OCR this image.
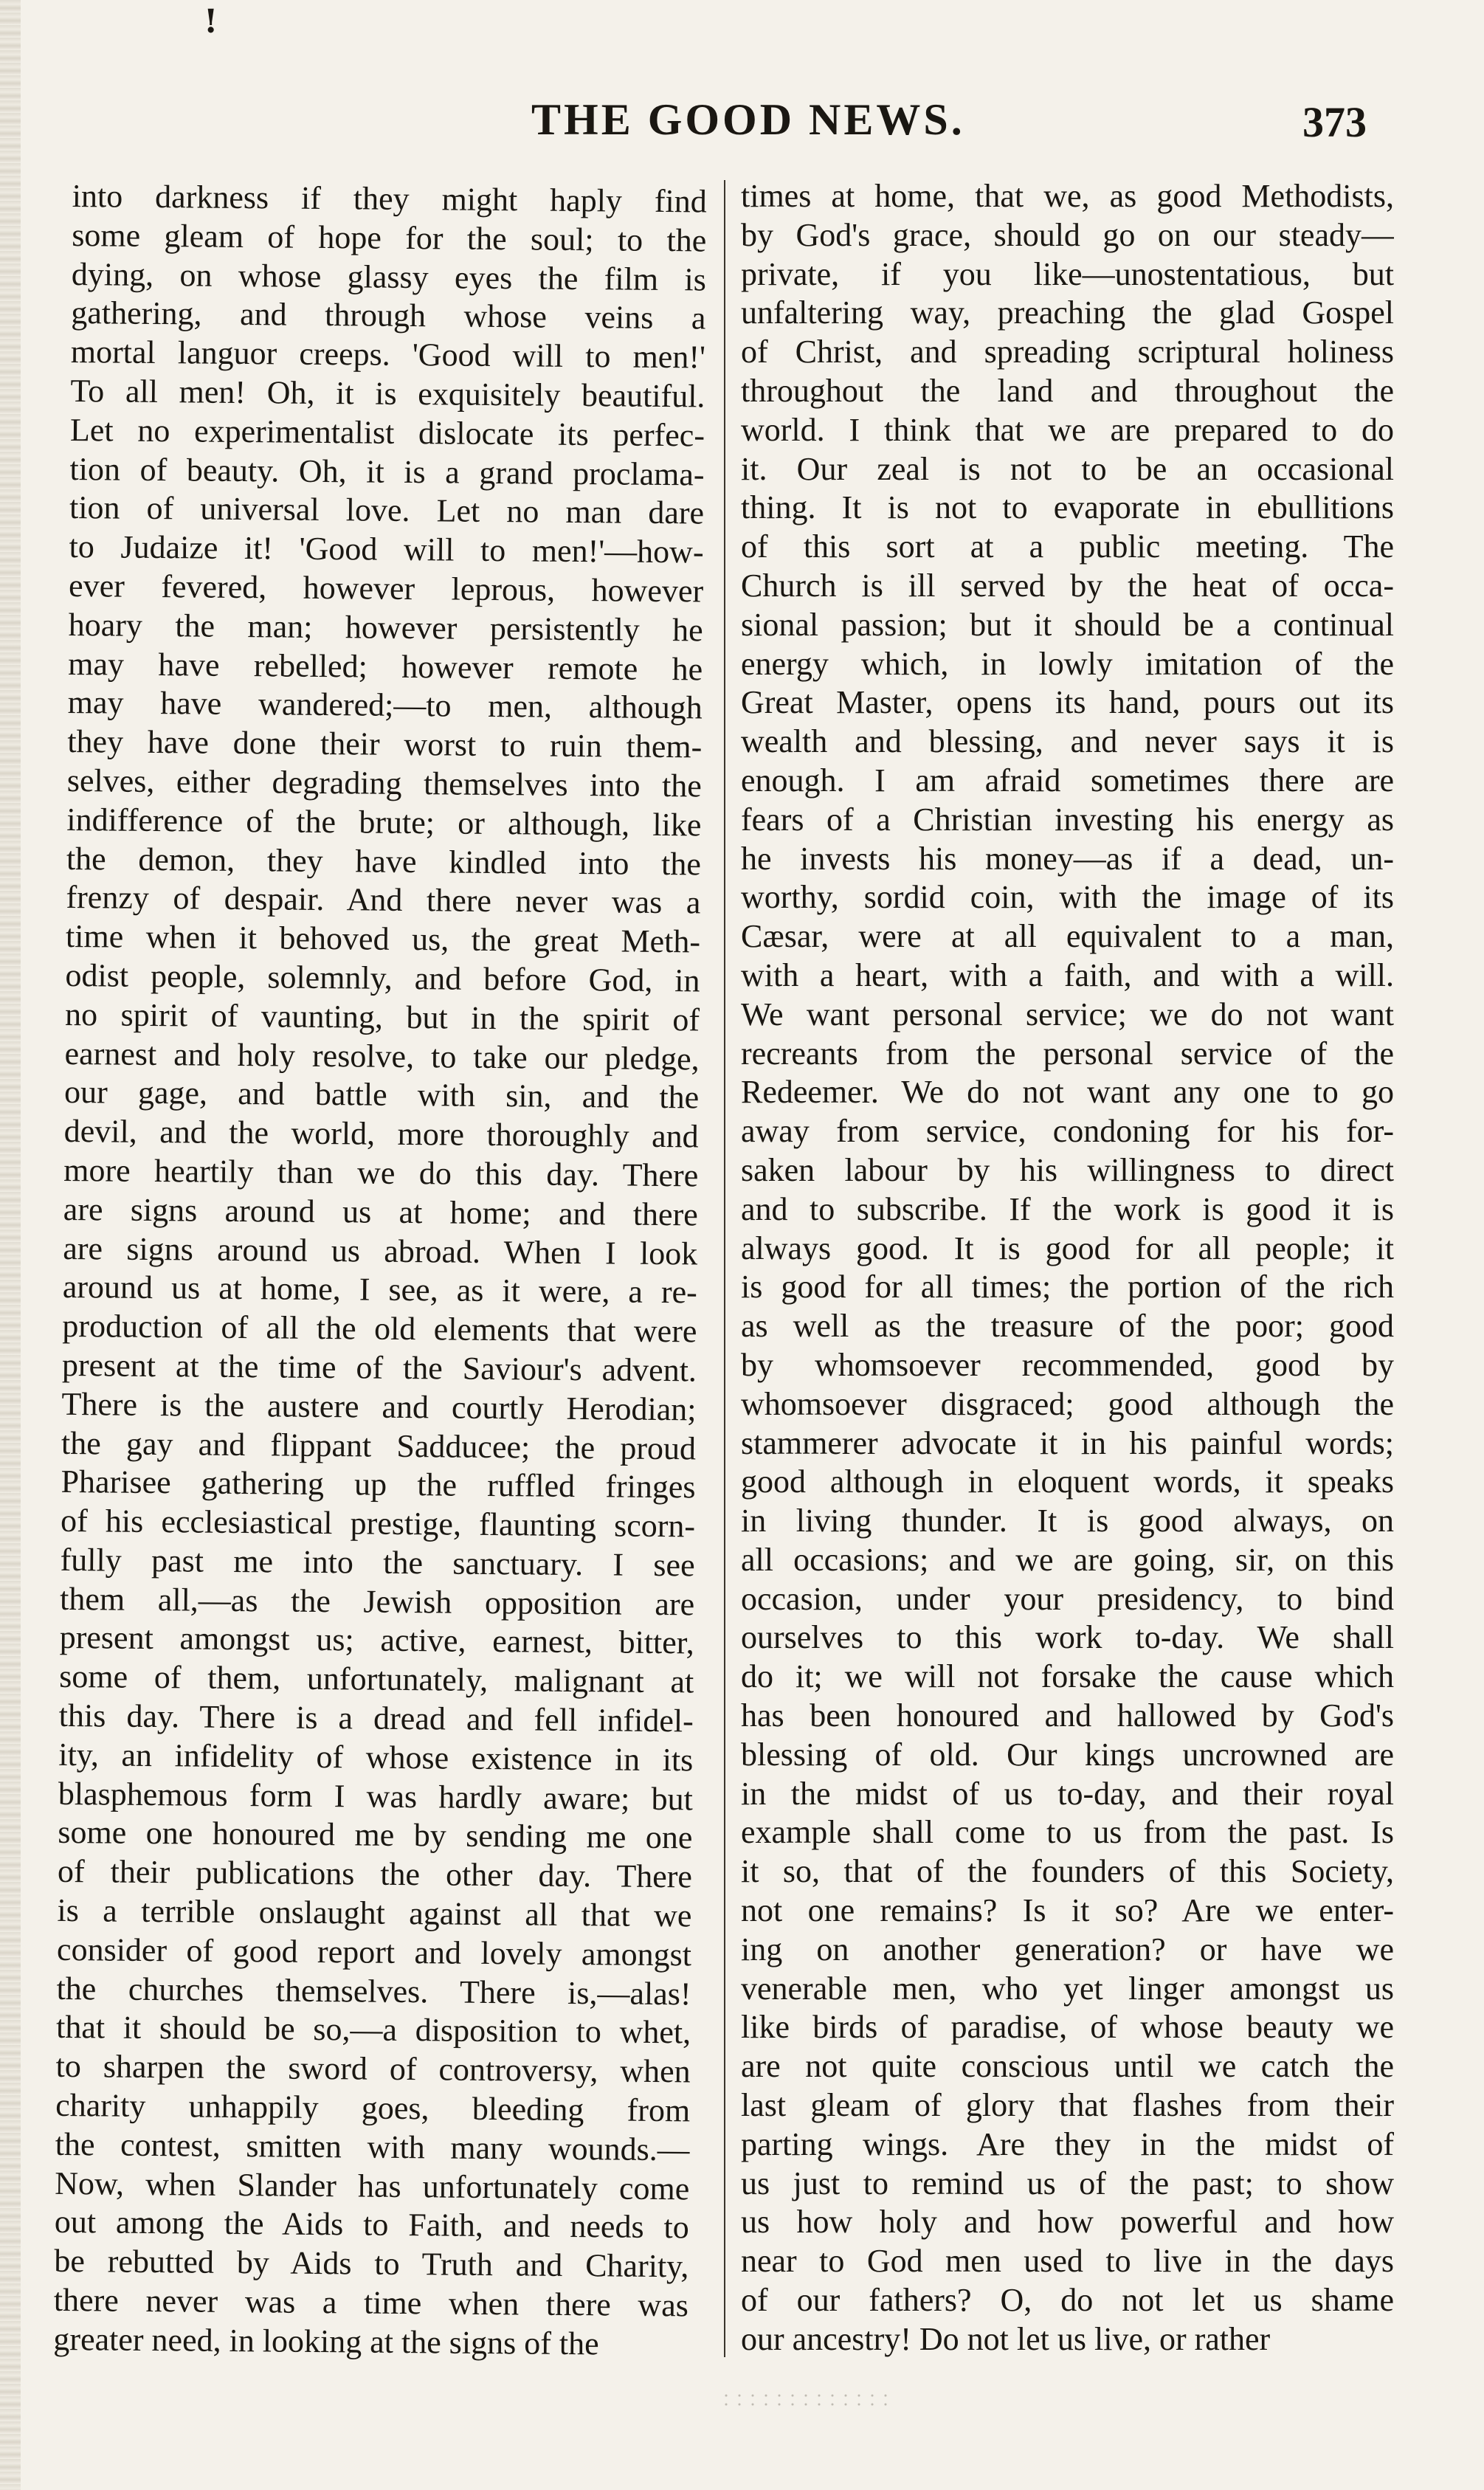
!
THE GOOD NEWS.	373
into darkness if they might haply find
some gleam of hope for the soul; to the
dying, on whose glassy eyes the film is
gathering, and through whose veins a
mortal languor creeps. 'Good will to men!'
To all men! Oh, it is exquisitely beautiful.
Let no experimentalist dislocate its perfec-
tion of beauty. Oh, it is a grand proclama-
tion of universal love. Let no man dare
to Judaize it! 'Good will to men!'—how-
ever fevered, however leprous, however
hoary the man; however persistently he
may have rebelled; however remote he
may have wandered;—to men, although
they have done their worst to ruin them-
selves, either degrading themselves into the
indifference of the brute; or although, like
the demon, they have kindled into the
frenzy of despair. And there never was a
time when it behoved us, the great Meth-
odist people, solemnly, and before God, in
no spirit of vaunting, but in the spirit of
earnest and holy resolve, to take our pledge,
our gage, and battle with sin, and the
devil, and the world, more thoroughly and
more heartily than we do this day. There
are signs around us at home; and there
are signs around us abroad. When I look
around us at home, I see, as it were, a re-
production of all the old elements that were
present at the time of the Saviour's advent.
There is the austere and courtly Herodian;
the gay and flippant Sadducee; the proud
Pharisee gathering up the ruffled fringes
of his ecclesiastical prestige, flaunting scorn-
fully past me into the sanctuary. I see
them all,—as the Jewish opposition are
present amongst us; active, earnest, bitter,
some of them, unfortunately, malignant at
this day. There is a dread and fell infidel-
ity, an infidelity of whose existence in its
blasphemous form I was hardly aware; but
some one honoured me by sending me one
of their publications the other day. There
is a terrible onslaught against all that we
consider of good report and lovely amongst
the churches themselves. There is,—alas!
that it should be so,—a disposition to whet,
to sharpen the sword of controversy, when
charity unhappily goes, bleeding from
the contest, smitten with many wounds.—
Now, when Slander has unfortunately come
out among the Aids to Faith, and needs to
be rebutted by Aids to Truth and Charity,
there never was a time when there was
greater need, in looking at the signs of the
times at home, that we, as good Methodists,
by God's grace, should go on our steady—
private, if you like—unostentatious, but
unfaltering way, preaching the glad Gospel
of Christ, and spreading scriptural holiness
throughout the land and throughout the
world. I think that we are prepared to do
it. Our zeal is not to be an occasional
thing. It is not to evaporate in ebullitions
of this sort at a public meeting. The
Church is ill served by the heat of occa-
sional passion; but it should be a continual
energy which, in lowly imitation of the
Great Master, opens its hand, pours out its
wealth and blessing, and never says it is
enough. I am afraid sometimes there are
fears of a Christian investing his energy as
he invests his money—as if a dead, un-
worthy, sordid coin, with the image of its
Cæsar, were at all equivalent to a man,
with a heart, with a faith, and with a will.
We want personal service; we do not want
recreants from the personal service of the
Redeemer. We do not want any one to go
away from service, condoning for his for-
saken labour by his willingness to direct
and to subscribe. If the work is good it is
always good. It is good for all people; it
is good for all times; the portion of the rich
as well as the treasure of the poor; good
by whomsoever recommended, good by
whomsoever disgraced; good although the
stammerer advocate it in his painful words;
good although in eloquent words, it speaks
in living thunder. It is good always, on
all occasions; and we are going, sir, on this
occasion, under your presidency, to bind
ourselves to this work to-day. We shall
do it; we will not forsake the cause which
has been honoured and hallowed by God's
blessing of old. Our kings uncrowned are
in the midst of us to-day, and their royal
example shall come to us from the past. Is
it so, that of the founders of this Society,
not one remains? Is it so? Are we enter-
ing on another generation? or have we
venerable men, who yet linger amongst us
like birds of paradise, of whose beauty we
are not quite conscious until we catch the
last gleam of glory that flashes from their
parting wings. Are they in the midst of
us just to remind us of the past; to show
us how holy and how powerful and how
near to God men used to live in the days
of our fathers? O, do not let us shame
our ancestry! Do not let us live, or rather
